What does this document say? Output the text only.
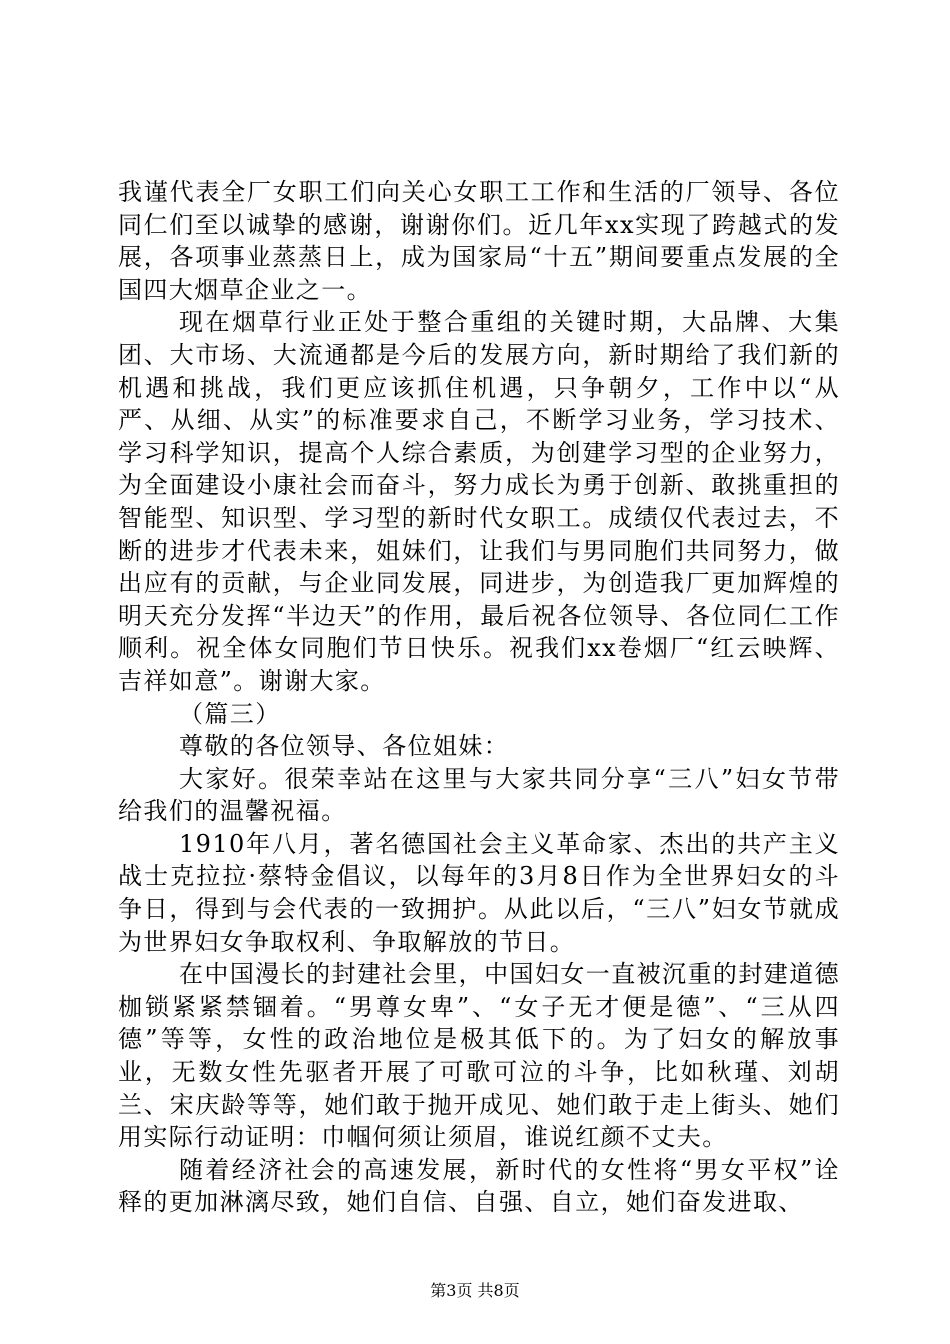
我谨代表全厂女职工们向关心女职工工作和生活的厂领导、各位同仁们至以诚挚的感谢，谢谢你们。近几年xx实现了跨越式的发展，各项事业蒸蒸日上，成为国家局“十五”期间要重点发展的全国四大烟草企业之一。

现在烟草行业正处于整合重组的关键时期，大品牌、大集团、大市场、大流通都是今后的发展方向，新时期给了我们新的机遇和挑战，我们更应该抓住机遇，只争朝夕，工作中以“从严、从细、从实”的标准要求自己，不断学习业务，学习技术、学习科学知识，提高个人综合素质，为创建学习型的企业努力，为全面建设小康社会而奋斗，努力成长为勇于创新、敢挑重担的智能型、知识型、学习型的新时代女职工。成绩仅代表过去，不断的进步才代表未来，姐妹们，让我们与男同胞们共同努力，做出应有的贡献，与企业同发展，同进步，为创造我厂更加辉煌的明天充分发挥“半边天”的作用，最后祝各位领导、各位同仁工作顺利。祝全体女同胞们节日快乐。祝我们xx卷烟厂“红云映辉、吉祥如意”。谢谢大家。

（篇三）

尊敬的各位领导、各位姐妹：

大家好。很荣幸站在这里与大家共同分享“三八”妇女节带给我们的温馨祝福。

1910年八月，著名德国社会主义革命家、杰出的共产主义战士克拉拉·蔡特金倡议，以每年的3月8日作为全世界妇女的斗争日，得到与会代表的一致拥护。从此以后，“三八”妇女节就成为世界妇女争取权利、争取解放的节日。

在中国漫长的封建社会里，中国妇女一直被沉重的封建道德枷锁紧紧禁锢着。“男尊女卑”、“女子无才便是德”、“三从四德”等等，女性的政治地位是极其低下的。为了妇女的解放事业，无数女性先驱者开展了可歌可泣的斗争，比如秋瑾、刘胡兰、宋庆龄等等，她们敢于抛开成见、她们敢于走上街头、她们用实际行动证明：巾帼何须让须眉，谁说红颜不丈夫。

随着经济社会的高速发展，新时代的女性将“男女平权”诠释的更加淋漓尽致，她们自信、自强、自立，她们奋发进取、

第3页 共8页
